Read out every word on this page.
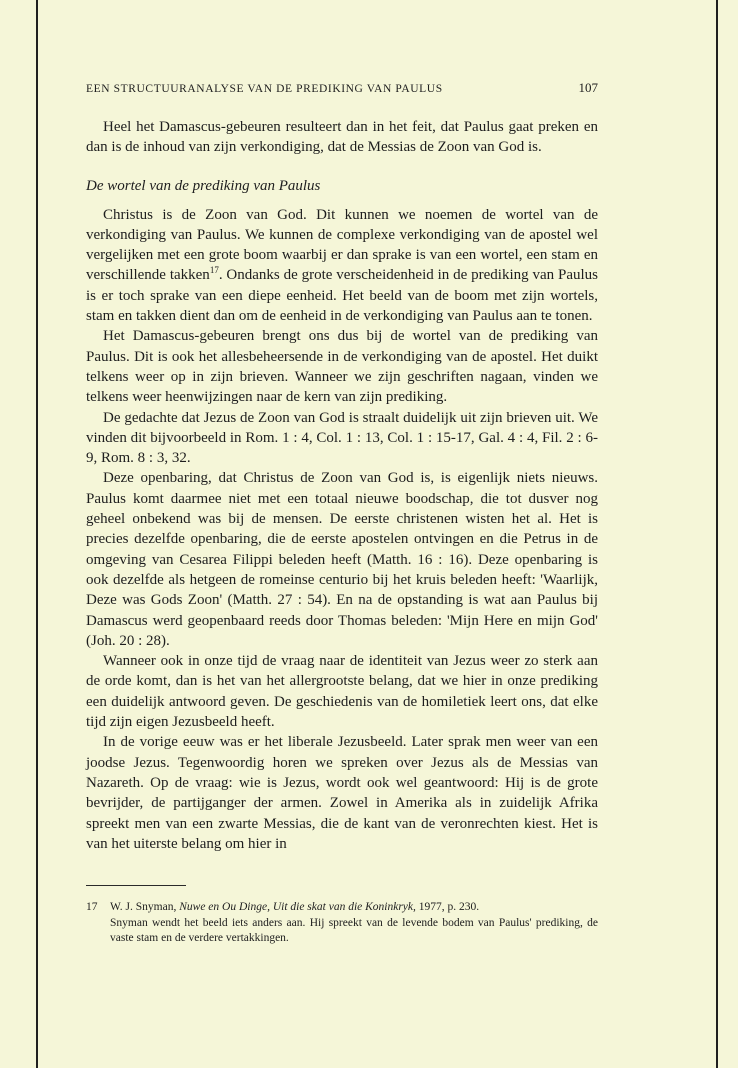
EEN STRUCTUURANALYSE VAN DE PREDIKING VAN PAULUS	107

Heel het Damascus-gebeuren resulteert dan in het feit, dat Paulus gaat preken en dan is de inhoud van zijn verkondiging, dat de Messias de Zoon van God is.

De wortel van de prediking van Paulus

Christus is de Zoon van God. Dit kunnen we noemen de wortel van de verkondiging van Paulus. We kunnen de complexe verkondiging van de apostel wel vergelijken met een grote boom waarbij er dan sprake is van een wortel, een stam en verschillende takken$^{17}$. Ondanks de grote verscheidenheid in de prediking van Paulus is er toch sprake van een diepe eenheid. Het beeld van de boom met zijn wortels, stam en takken dient dan om de eenheid in de verkondiging van Paulus aan te tonen.

Het Damascus-gebeuren brengt ons dus bij de wortel van de prediking van Paulus. Dit is ook het allesbeheersende in de verkondiging van de apostel. Het duikt telkens weer op in zijn brieven. Wanneer we zijn geschriften nagaan, vinden we telkens weer heenwijzingen naar de kern van zijn prediking.

De gedachte dat Jezus de Zoon van God is straalt duidelijk uit zijn brieven uit. We vinden dit bijvoorbeeld in Rom. 1 : 4, Col. 1 : 13, Col. 1 : 15-17, Gal. 4 : 4, Fil. 2 : 6-9, Rom. 8 : 3, 32.

Deze openbaring, dat Christus de Zoon van God is, is eigenlijk niets nieuws. Paulus komt daarmee niet met een totaal nieuwe boodschap, die tot dusver nog geheel onbekend was bij de mensen. De eerste christenen wisten het al. Het is precies dezelfde openbaring, die de eerste apostelen ontvingen en die Petrus in de omgeving van Cesarea Filippi beleden heeft (Matth. 16 : 16). Deze openbaring is ook dezelfde als hetgeen de romeinse centurio bij het kruis beleden heeft: 'Waarlijk, Deze was Gods Zoon' (Matth. 27 : 54). En na de opstanding is wat aan Paulus bij Damascus werd geopenbaard reeds door Thomas beleden: 'Mijn Here en mijn God' (Joh. 20 : 28).

Wanneer ook in onze tijd de vraag naar de identiteit van Jezus weer zo sterk aan de orde komt, dan is het van het allergrootste belang, dat we hier in onze prediking een duidelijk antwoord geven. De geschiedenis van de homiletiek leert ons, dat elke tijd zijn eigen Jezusbeeld heeft.

In de vorige eeuw was er het liberale Jezusbeeld. Later sprak men weer van een joodse Jezus. Tegenwoordig horen we spreken over Jezus als de Messias van Nazareth. Op de vraag: wie is Jezus, wordt ook wel geantwoord: Hij is de grote bevrijder, de partijganger der armen. Zowel in Amerika als in zuidelijk Afrika spreekt men van een zwarte Messias, die de kant van de veronrechten kiest. Het is van het uiterste belang om hier in

17 W. J. Snyman, Nuwe en Ou Dinge, Uit die skat van die Koninkryk, 1977, p. 230.
Snyman wendt het beeld iets anders aan. Hij spreekt van de levende bodem van Paulus' prediking, de vaste stam en de verdere vertakkingen.
